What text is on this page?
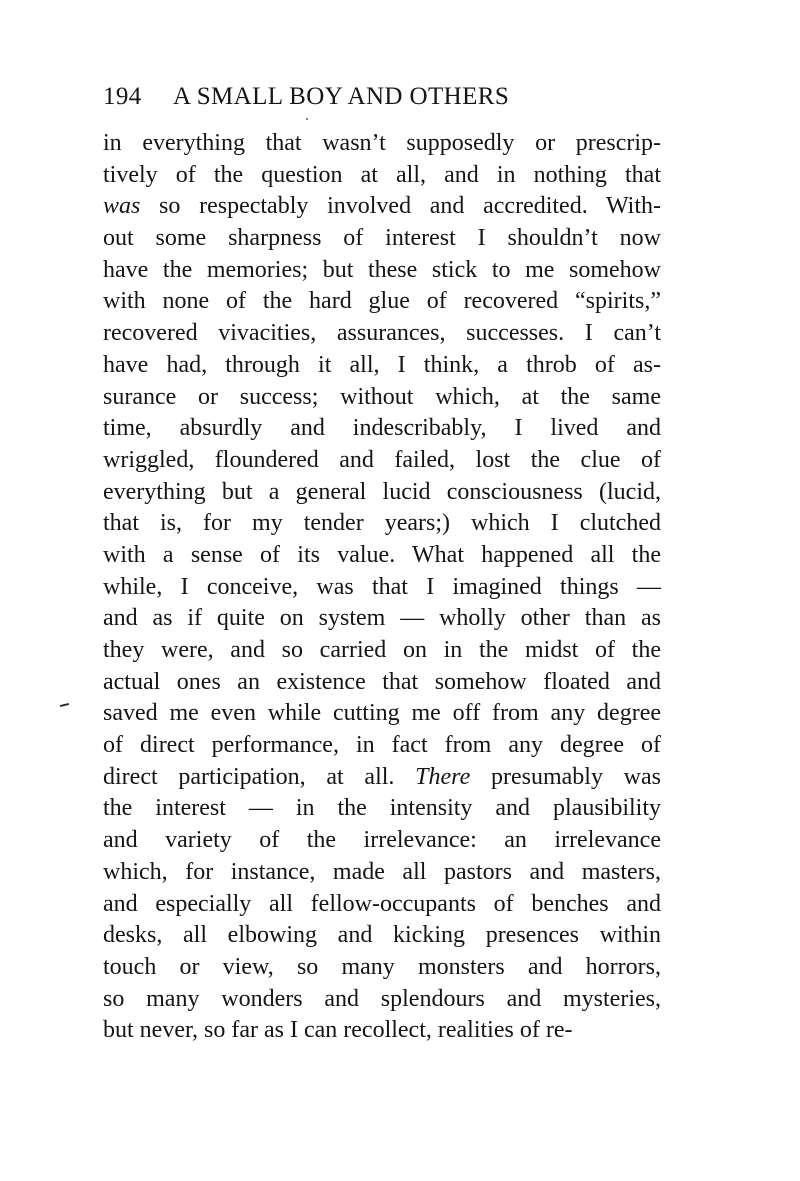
194 A SMALL BOY AND OTHERS
in everything that wasn’t supposedly or prescrip-
tively of the question at all, and in nothing that
was so respectably involved and accredited. With-
out some sharpness of interest I shouldn’t now
have the memories; but these stick to me somehow
with none of the hard glue of recovered “spirits,”
recovered vivacities, assurances, successes. I can’t
have had, through it all, I think, a throb of as-
surance or success; without which, at the same
time, absurdly and indescribably, I lived and
wriggled, floundered and failed, lost the clue of
everything but a general lucid consciousness (lucid,
that is, for my tender years;) which I clutched
with a sense of its value. What happened all the
while, I conceive, was that I imagined things —
and as if quite on system — wholly other than as
they were, and so carried on in the midst of the
actual ones an existence that somehow floated and
saved me even while cutting me off from any degree
of direct performance, in fact from any degree of
direct participation, at all. There presumably was
the interest — in the intensity and plausibility
and variety of the irrelevance: an irrelevance
which, for instance, made all pastors and masters,
and especially all fellow-occupants of benches and
desks, all elbowing and kicking presences within
touch or view, so many monsters and horrors,
so many wonders and splendours and mysteries,
but never, so far as I can recollect, realities of re-
